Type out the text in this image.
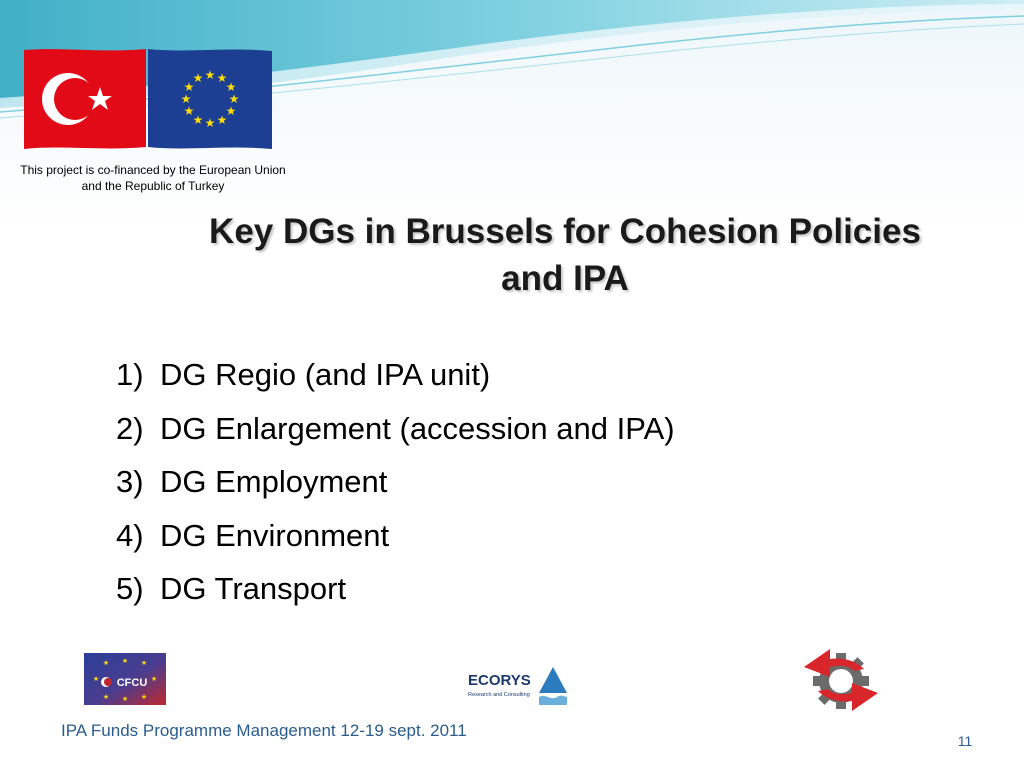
★ ★
★
★
★
★
★
★
★
★
★
★
This project is co-financed by the European Union and the Republic of Turkey
Key DGs in Brussels for Cohesion Policies and IPA
1) DG Regio (and IPA unit)
2) DG Enlargement (accession and IPA)
3) DG Employment
4) DG Environment
5) DG Transport
★ ★ ★
★	★
★ ★ ★
CFCU	ECORYS
Research and Consulting
IPA Funds Programme Management 12-19 sept. 2011
11
